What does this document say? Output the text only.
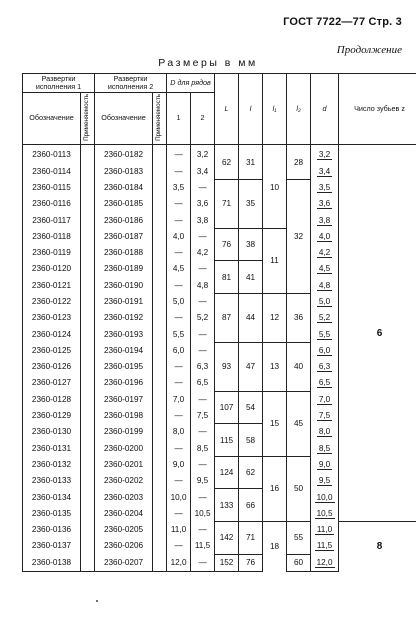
ГОСТ 7722—77 Стр. 3
Продолжение
Размеры в мм
Развертки исполнения 1		Развертки исполнения 2		D для рядов		L	l	l₁	l₂	d	Число зубьев z
Обозначение	Применяемость	Обозначение	Применяемость	1	2						
2360-0113		2360-0182		—	3,2	62	31	10	28	3,2	6
2360-0114		2360-0183		—	3,4					3,4	
2360-0115		2360-0184		3,5	—	71	35		32	3,5	
2360-0116		2360-0185		—	3,6					3,6	
2360-0117		2360-0186		—	3,8					3,8	
2360-0118		2360-0187		4,0	—	76	38	11		4,0	
2360-0119		2360-0188		—	4,2					4,2	
2360-0120		2360-0189		4,5	—	81	41			4,5	
2360-0121		2360-0190		—	4,8					4,8	
2360-0122		2360-0191		5,0	—	87	44	12	36	5,0	
2360-0123		2360-0192		—	5,2					5,2	
2360-0124		2360-0193		5,5	—					5,5	
2360-0125		2360-0194		6,0	—	93	47	13	40	6,0	
2360-0126		2360-0195		—	6,3					6,3	
2360-0127		2360-0196		—	6,5					6,5	
2360-0128		2360-0197		7,0	—	107	54	15	45	7,0	
2360-0129		2360-0198		—	7,5					7,5	
2360-0130		2360-0199		8,0	—	115	58			8,0	
2360-0131		2360-0200		—	8,5					8,5	
2360-0132		2360-0201		9,0	—	124	62	16	50	9,0	
2360-0133		2360-0202		—	9,5					9,5	
2360-0134		2360-0203		10,0	—	133	66			10,0	
2360-0135		2360-0204		—	10,5					10,5	
2360-0136		2360-0205		11,0	—	142	71	18	55	11,0	8
2360-0137		2360-0206		—	11,5					11,5	
2360-0138		2360-0207		12,0	—	152	76		60	12,0	
